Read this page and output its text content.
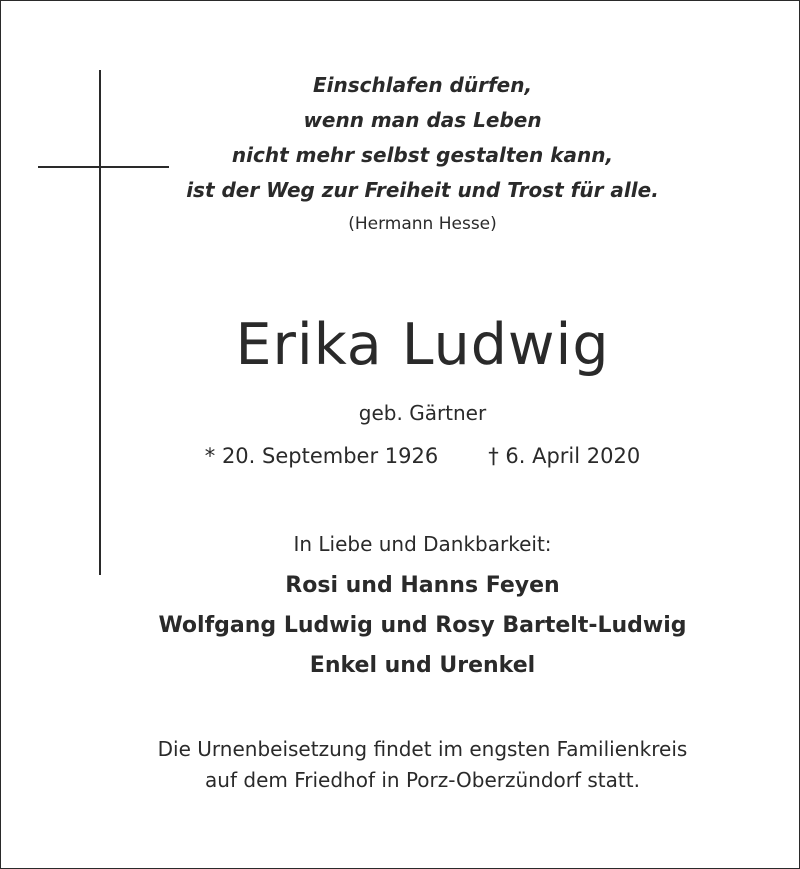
Einschlafen dürfen,
wenn man das Leben
nicht mehr selbst gestalten kann,
ist der Weg zur Freiheit und Trost für alle.
(Hermann Hesse)
Erika Ludwig
geb. Gärtner
* 20. September 1926 † 6. April 2020
In Liebe und Dankbarkeit:
Rosi und Hanns Feyen
Wolfgang Ludwig und Rosy Bartelt-Ludwig
Enkel und Urenkel
Die Urnenbeisetzung findet im engsten Familienkreis
auf dem Friedhof in Porz-Oberzündorf statt.
